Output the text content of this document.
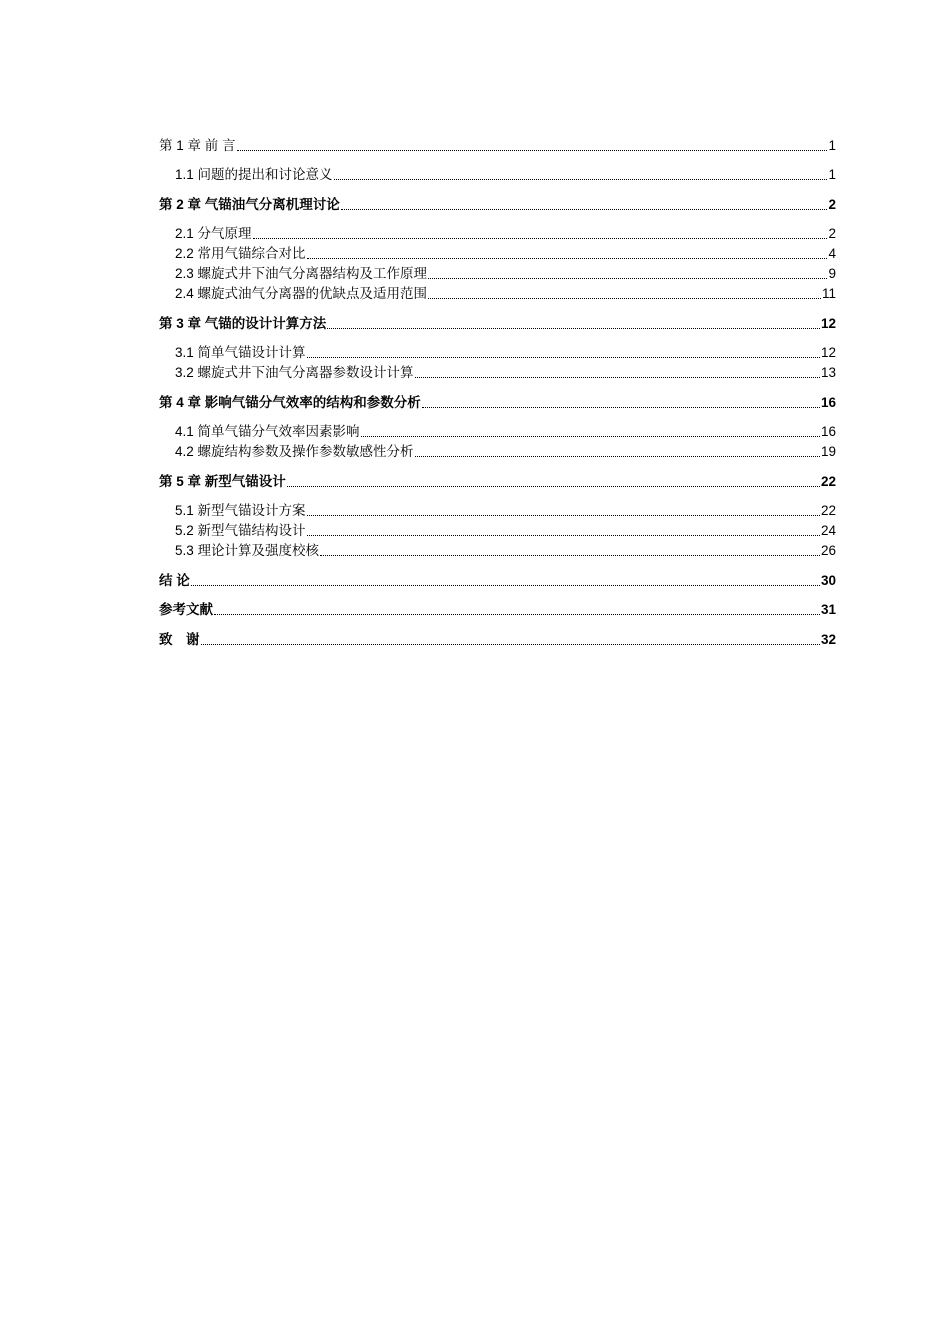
第 1 章 前 言	1
1.1 问题的提出和讨论意义	1
第 2 章 气锚油气分离机理讨论	2
2.1 分气原理	2
2.2 常用气锚综合对比	4
2.3 螺旋式井下油气分离器结构及工作原理	9
2.4 螺旋式油气分离器的优缺点及适用范围	11
第 3 章 气锚的设计计算方法	12
3.1 简单气锚设计计算	12
3.2 螺旋式井下油气分离器参数设计计算	13
第 4 章 影响气锚分气效率的结构和参数分析	16
4.1 简单气锚分气效率因素影响	16
4.2 螺旋结构参数及操作参数敏感性分析	19
第 5 章 新型气锚设计	22
5.1 新型气锚设计方案	22
5.2 新型气锚结构设计	24
5.3 理论计算及强度校核	26
结 论	30
参考文献	31
致　谢	32
